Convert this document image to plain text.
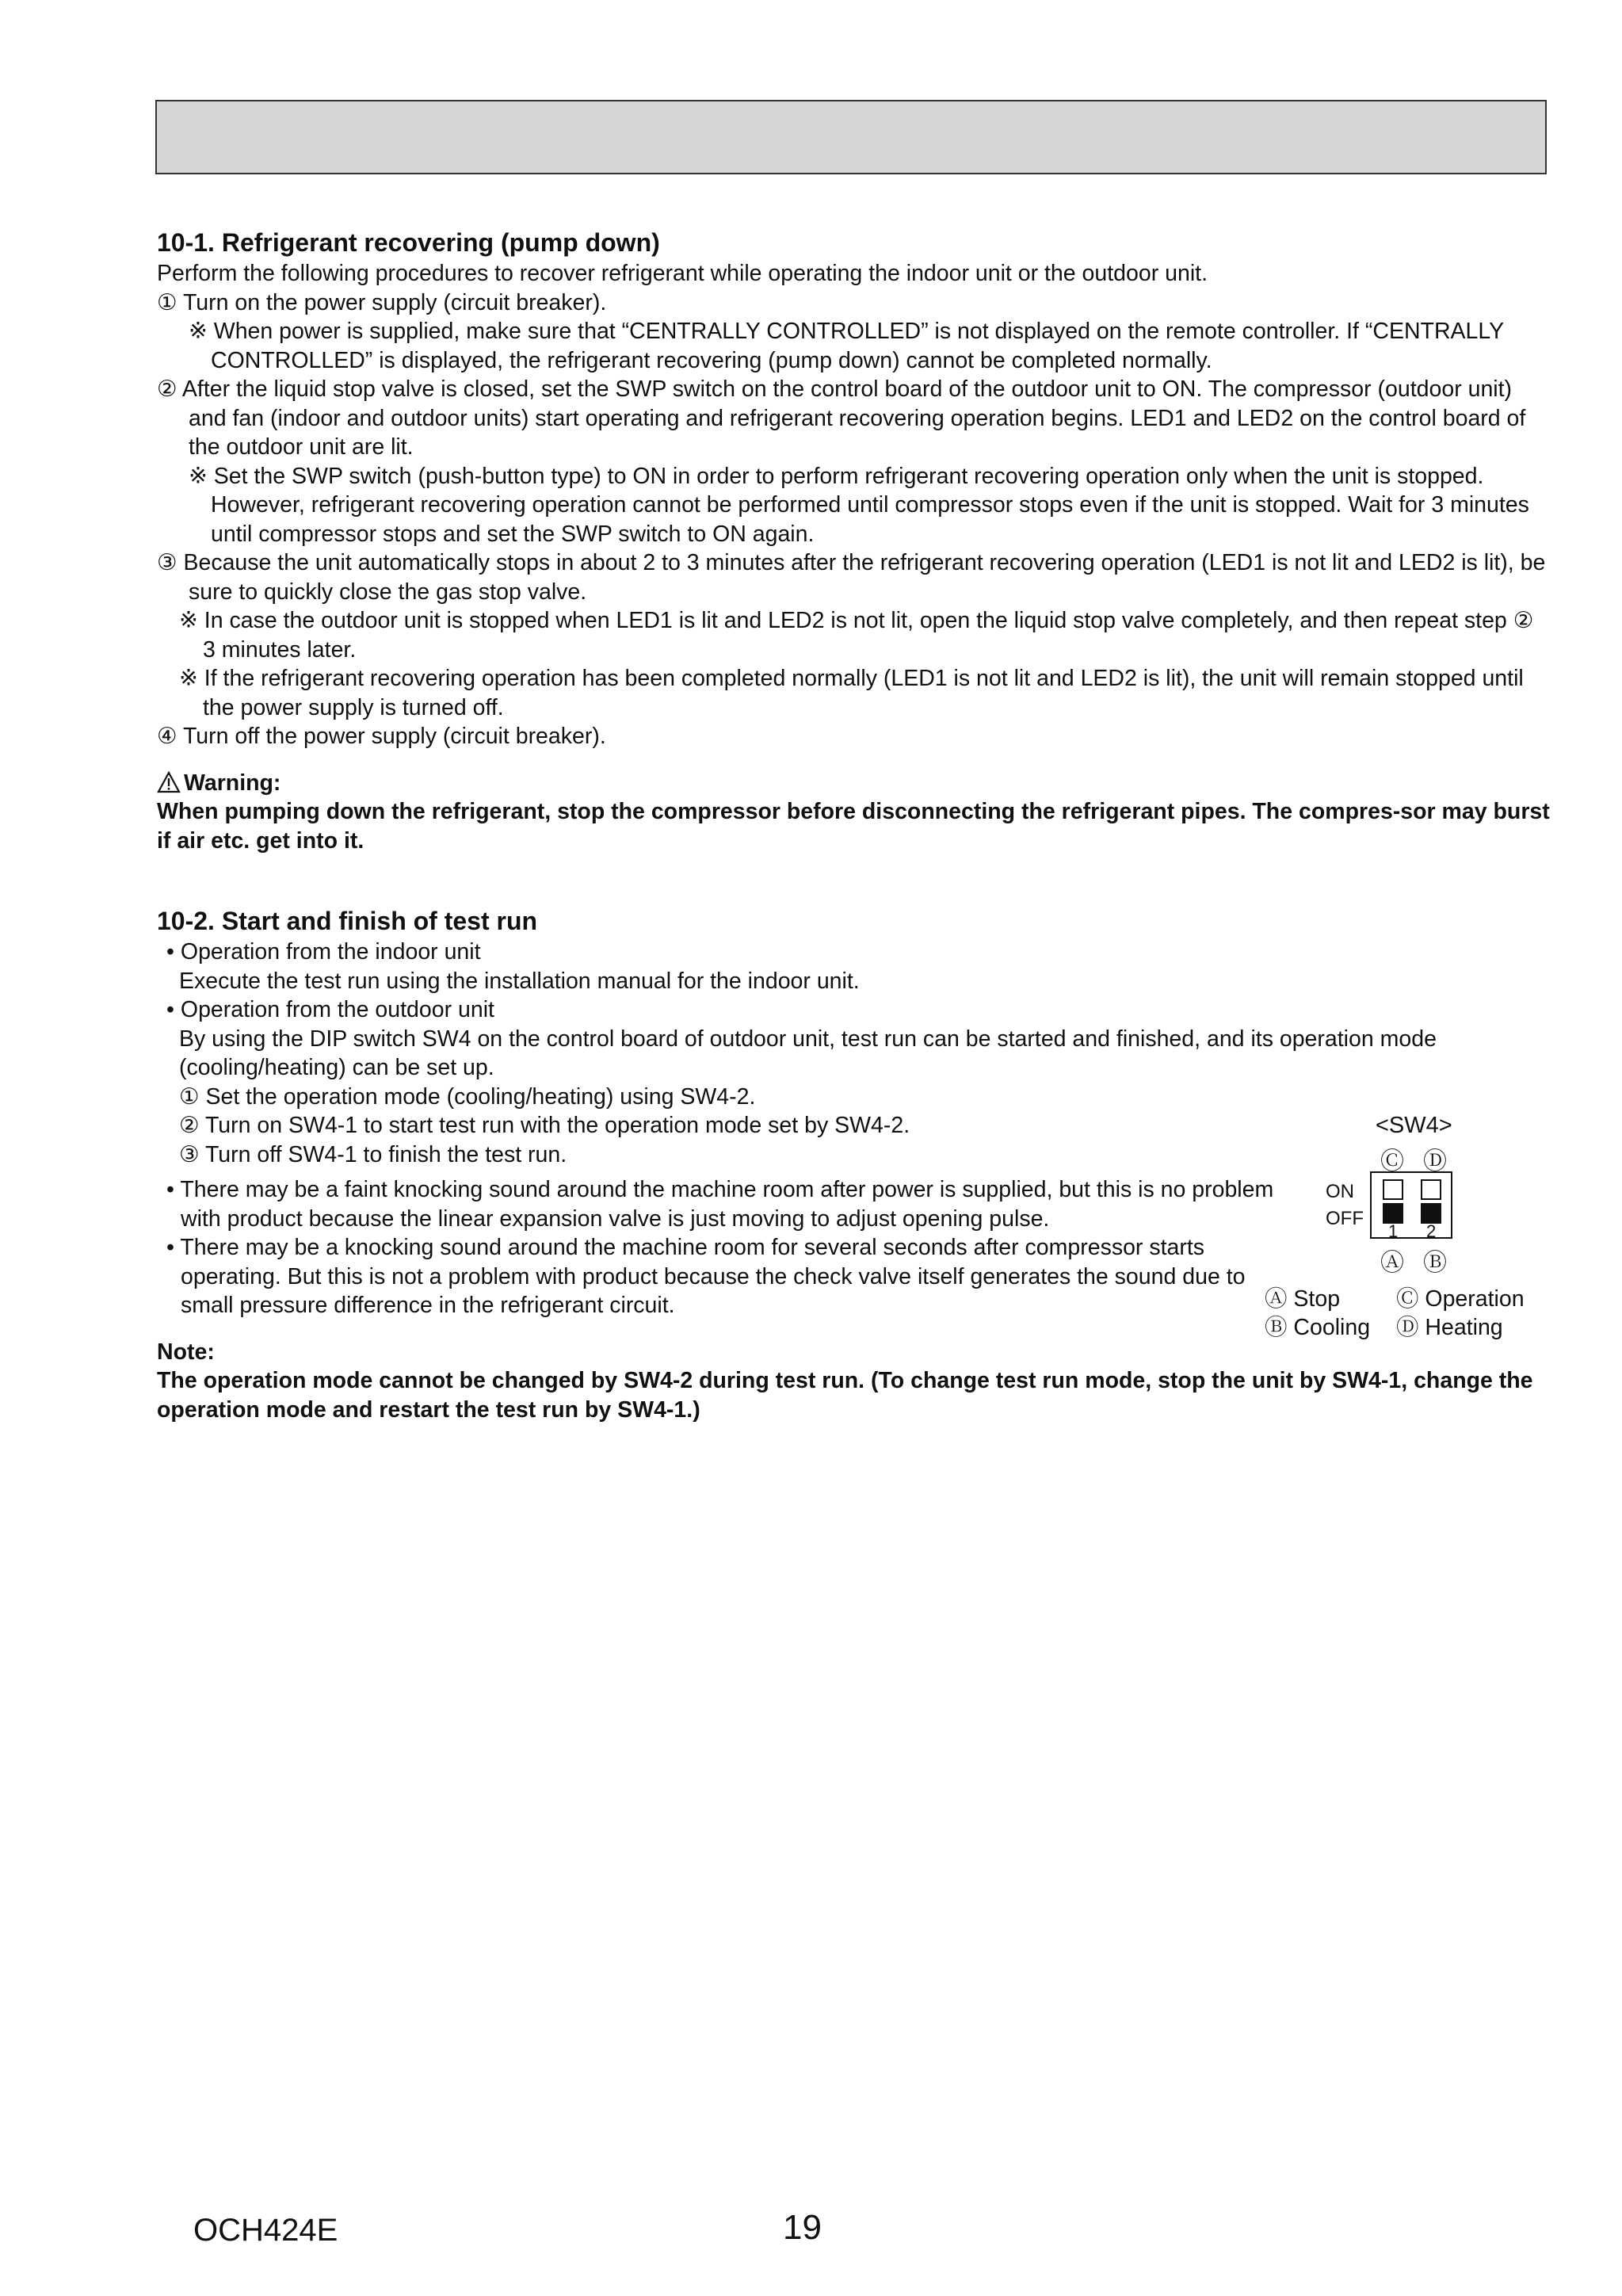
10-1. Refrigerant recovering (pump down)
Perform the following procedures to recover refrigerant while operating the indoor unit or the outdoor unit.
① Turn on the power supply (circuit breaker).
※ When power is supplied, make sure that “CENTRALLY CONTROLLED” is not displayed on the remote controller. If “CENTRALLY CONTROLLED” is displayed, the refrigerant recovering (pump down) cannot be completed normally.
② After the liquid stop valve is closed, set the SWP switch on the control board of the outdoor unit to ON. The compressor (outdoor unit) and fan (indoor and outdoor units) start operating and refrigerant recovering operation begins. LED1 and LED2 on the control board of the outdoor unit are lit.
※ Set the SWP switch (push-button type) to ON in order to perform refrigerant recovering operation only when the unit is stopped. However, refrigerant recovering operation cannot be performed until compressor stops even if the unit is stopped. Wait for 3 minutes until compressor stops and set the SWP switch to ON again.
③ Because the unit automatically stops in about 2 to 3 minutes after the refrigerant recovering operation (LED1 is not lit and LED2 is lit), be sure to quickly close the gas stop valve.
※ In case the outdoor unit is stopped when LED1 is lit and LED2 is not lit, open the liquid stop valve completely, and then repeat step ② 3 minutes later.
※ If the refrigerant recovering operation has been completed normally (LED1 is not lit and LED2 is lit), the unit will remain stopped until the power supply is turned off.
④ Turn off the power supply (circuit breaker).
Warning:
When pumping down the refrigerant, stop the compressor before disconnecting the refrigerant pipes. The compres-sor may burst if air etc. get into it.
10-2. Start and finish of test run
• Operation from the indoor unit
Execute the test run using the installation manual for the indoor unit.
• Operation from the outdoor unit
By using the DIP switch SW4 on the control board of outdoor unit, test run can be started and finished, and its operation mode (cooling/heating) can be set up.
① Set the operation mode (cooling/heating) using SW4-2.
② Turn on SW4-1 to start test run with the operation mode set by SW4-2.
③ Turn off SW4-1 to finish the test run.
• There may be a faint knocking sound around the machine room after power is supplied, but this is no problem with product because the linear expansion valve is just moving to adjust opening pulse.
• There may be a knocking sound around the machine room for several seconds after compressor starts operating. But this is not a problem with product because the check valve itself generates the sound due to small pressure difference in the refrigerant circuit.
Note:
The operation mode cannot be changed by SW4-2 during test run. (To change test run mode, stop the unit by SW4-1, change the operation mode and restart the test run by SW4-1.)
<SW4>
Ⓒ Ⓓ
ON
OFF
1 2
Ⓐ Ⓑ
Ⓐ Stop Ⓒ Operation
Ⓑ Cooling Ⓓ Heating
OCH424E	19
